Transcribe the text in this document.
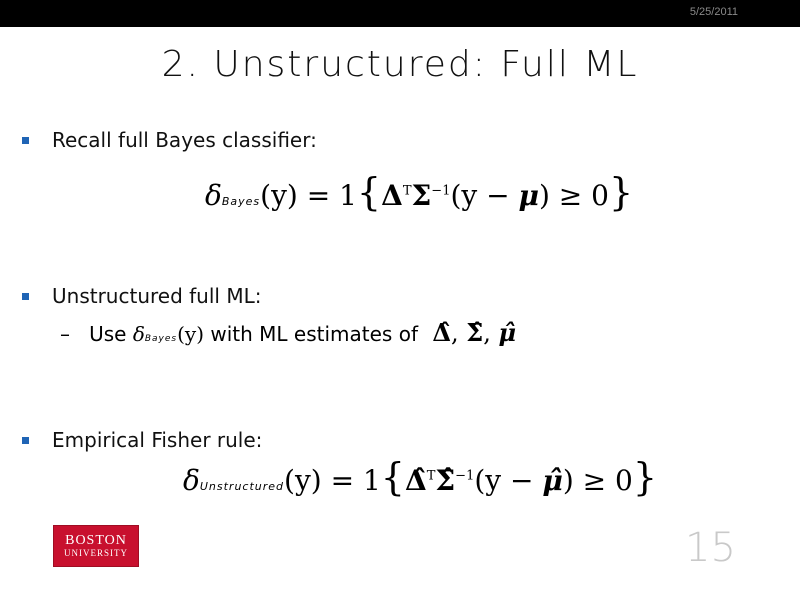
5/25/2011
2. Unstructured: Full ML
Recall full Bayes classifier:
δBayes(y) = $1\{\Delta^T\Sigma^{-1}(y - \mu) \ge 0\}$
Unstructured full ML:
– Use δBayes(y) with ML estimates of Δ̂, Σ̂, μ̂
Empirical Fisher rule:
δUnstructured(y) = 1{Δ̂$^T$Σ̂$^{-1}$(y − μ̂) ≥ 0}
BOSTON
UNIVERSITY	15
